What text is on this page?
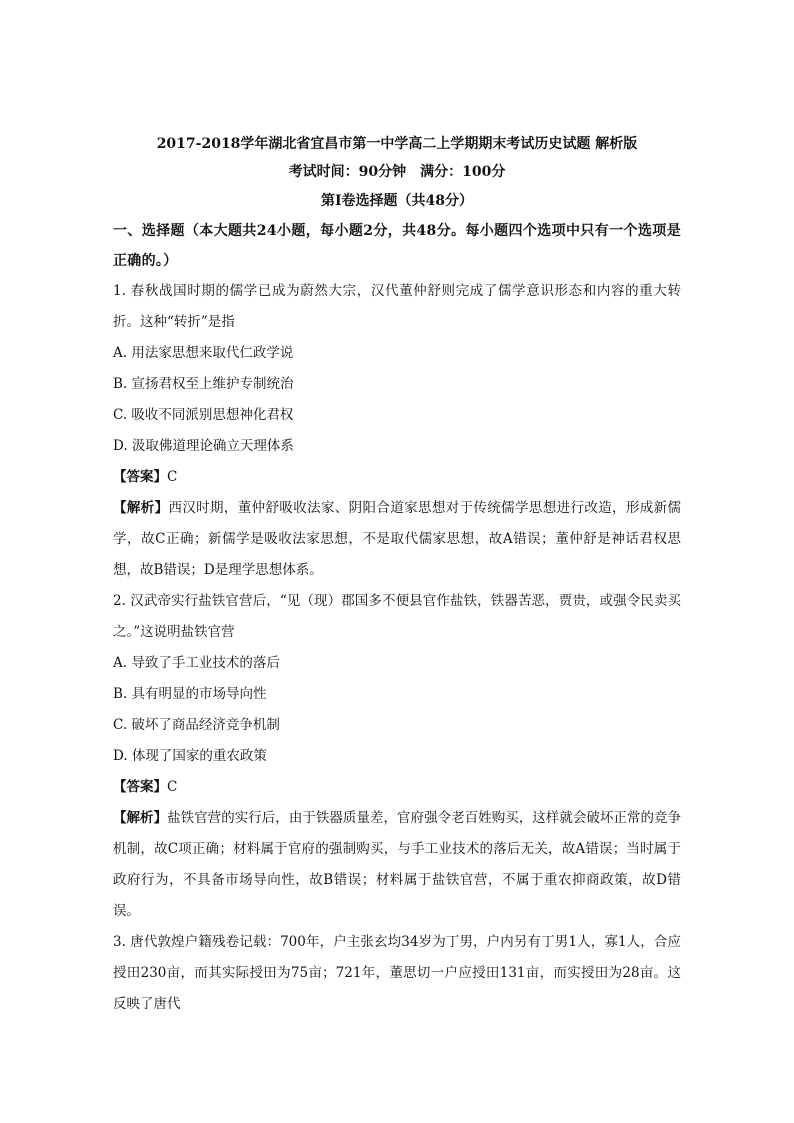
2017-2018学年湖北省宜昌市第一中学高二上学期期末考试历史试题 解析版
考试时间：90分钟　满分：100分
第Ⅰ卷选择题（共48分）
一、选择题（本大题共24小题，每小题2分，共48分。每小题四个选项中只有一个选项是正确的。）
1. 春秋战国时期的儒学已成为蔚然大宗，汉代董仲舒则完成了儒学意识形态和内容的重大转折。这种“转折”是指
A. 用法家思想来取代仁政学说
B. 宣扬君权至上维护专制统治
C. 吸收不同派别思想神化君权
D. 汲取佛道理论确立天理体系
【答案】C
【解析】西汉时期，董仲舒吸收法家、阴阳合道家思想对于传统儒学思想进行改造，形成新儒学，故C正确；新儒学是吸收法家思想，不是取代儒家思想，故A错误；董仲舒是神话君权思想，故B错误；D是理学思想体系。
2. 汉武帝实行盐铁官营后，“见（现）郡国多不便县官作盐铁，铁器苦恶，贾贵，或强令民卖买之。”这说明盐铁官营
A. 导致了手工业技术的落后
B. 具有明显的市场导向性
C. 破坏了商品经济竞争机制
D. 体现了国家的重农政策
【答案】C
【解析】盐铁官营的实行后，由于铁器质量差，官府强令老百姓购买，这样就会破坏正常的竞争机制，故C项正确；材料属于官府的强制购买，与手工业技术的落后无关，故A错误；当时属于政府行为，不具备市场导向性，故B错误；材料属于盐铁官营，不属于重农抑商政策，故D错误。
3. 唐代敦煌户籍残卷记载：700年，户主张玄均34岁为丁男，户内另有丁男1人，寡1人，合应授田230亩，而其实际授田为75亩；721年，董思切一户应授田131亩，而实授田为28亩。这反映了唐代
